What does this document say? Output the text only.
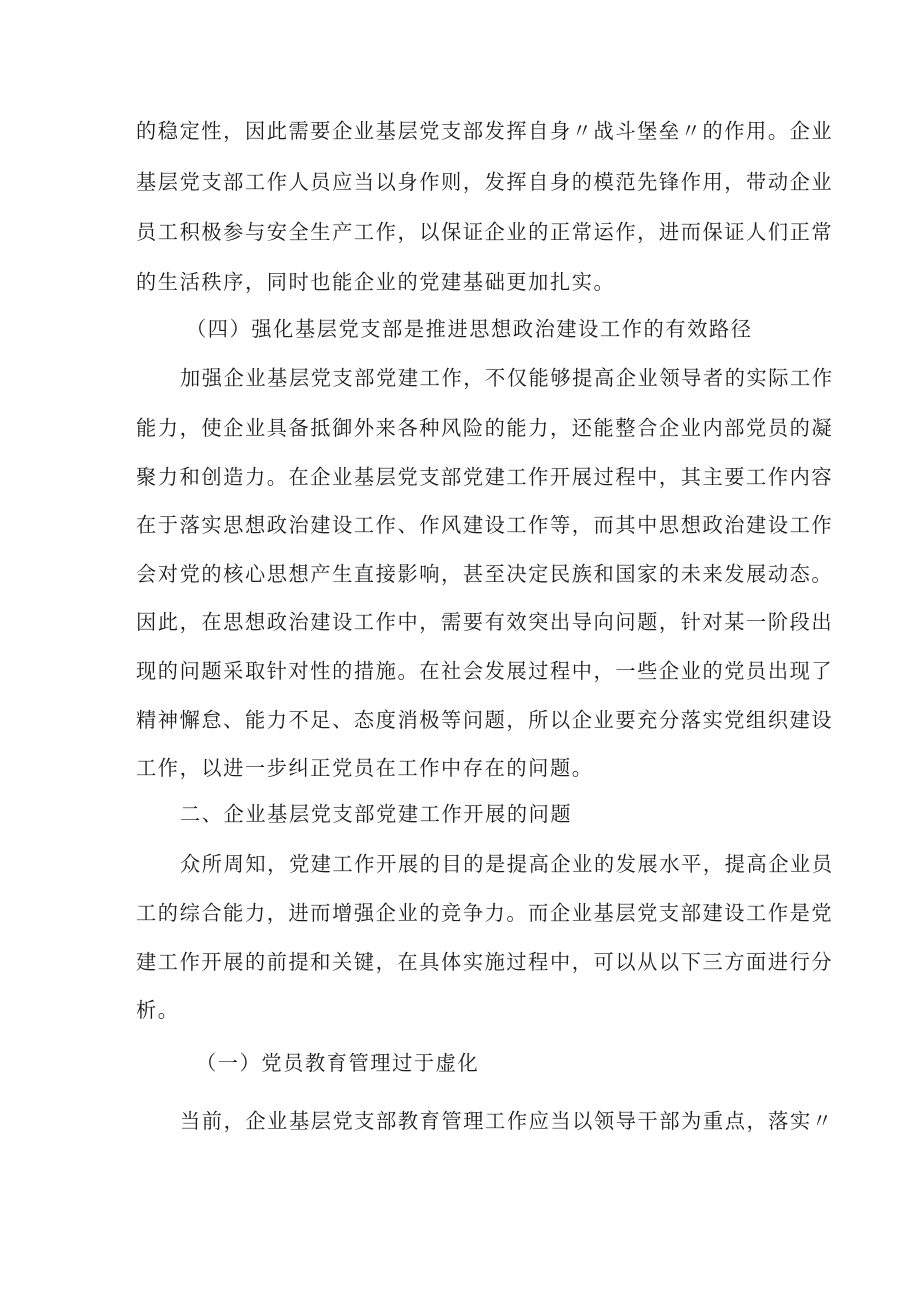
的稳定性，因此需要企业基层党支部发挥自身〃战斗堡垒〃的作用。企业

基层党支部工作人员应当以身作则，发挥自身的模范先锋作用，带动企业

员工积极参与安全生产工作，以保证企业的正常运作，进而保证人们正常

的生活秩序，同时也能企业的党建基础更加扎实。

（四）强化基层党支部是推进思想政治建设工作的有效路径

加强企业基层党支部党建工作，不仅能够提高企业领导者的实际工作

能力，使企业具备抵御外来各种风险的能力，还能整合企业内部党员的凝

聚力和创造力。在企业基层党支部党建工作开展过程中，其主要工作内容

在于落实思想政治建设工作、作风建设工作等，而其中思想政治建设工作

会对党的核心思想产生直接影响，甚至决定民族和国家的未来发展动态。

因此，在思想政治建设工作中，需要有效突出导向问题，针对某一阶段出

现的问题采取针对性的措施。在社会发展过程中，一些企业的党员出现了

精神懈怠、能力不足、态度消极等问题，所以企业要充分落实党组织建设

工作，以进一步纠正党员在工作中存在的问题。

二、企业基层党支部党建工作开展的问题

众所周知，党建工作开展的目的是提高企业的发展水平，提高企业员

工的综合能力，进而增强企业的竞争力。而企业基层党支部建设工作是党

建工作开展的前提和关键，在具体实施过程中，可以从以下三方面进行分

析。

（一）党员教育管理过于虚化

当前，企业基层党支部教育管理工作应当以领导干部为重点，落实〃
